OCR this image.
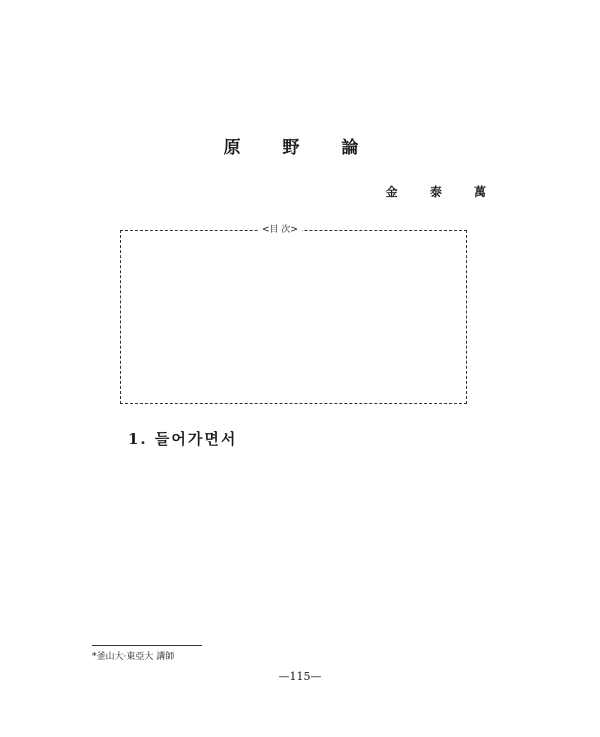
原 野 論
金 泰 萬
<目 次>
1. 들어가면서
*釜山大·東亞大 講師
—115—
